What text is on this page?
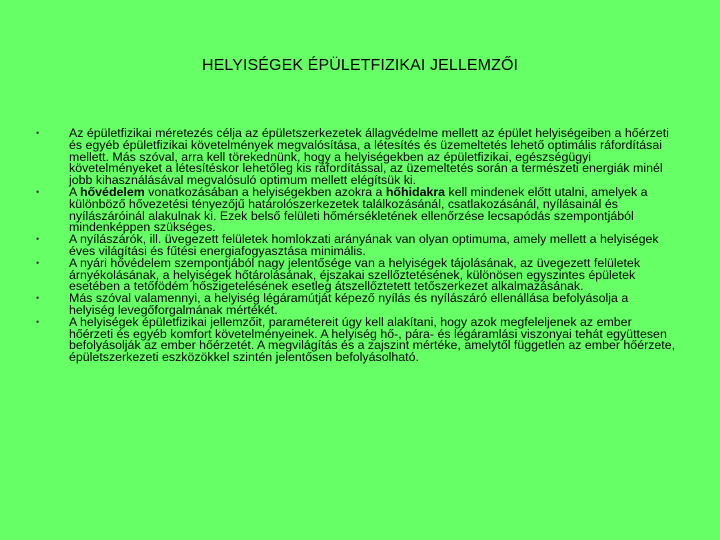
HELYISÉGEK ÉPÜLETFIZIKAI JELLEMZŐI
• Az épületfizikai méretezés célja az épületszerkezetek állagvédelme mellett az épület helyiségeiben a hőérzeti és egyéb épületfizikai követelmények megvalósítása, a létesítés és üzemeltetés lehető optimális ráfordításai mellett. Más szóval, arra kell törekednünk, hogy a helyiségekben az épületfizikai, egészségügyi követelményeket a létesítéskor lehetőleg kis ráfordítással, az üzemeltetés során a természeti energiák minél jobb kihasználásával megvalósuló optimum mellett elégítsük ki.
• A hővédelem vonatkozásában a helyiségekben azokra a hőhidakra kell mindenek előtt utalni, amelyek a különböző hővezetési tényezőjű határolószerkezetek találkozásánál, csatlakozásánál, nyílásainál és nyílászáróinál alakulnak ki. Ezek belső felületi hőmérsékletének ellenőrzése lecsapódás szempontjából mindenképpen szükséges.
• A nyílászárók, ill. üvegezett felületek homlokzati arányának van olyan optimuma, amely mellett a helyiségek éves világítási és fűtési energiafogyasztása minimális.
• A nyári hővédelem szempontjából nagy jelentősége van a helyiségek tájolásának, az üvegezett felületek árnyékolásának, a helyiségek hőtárolásának, éjszakai szellőztetésének, különösen egyszintes épületek esetében a tetőfödém hőszigetelésének esetleg átszellőztetett tetőszerkezet alkalmazásának.
• Más szóval valamennyi, a helyiség légáramútját képező nyílás és nyílászáró ellenállása befolyásolja a helyiség levegőforgalmának mértékét.
• A helyiségek épületfizikai jellemzőit, paramétereit úgy kell alakítani, hogy azok megfeleljenek az ember hőérzeti és egyéb komfort követelményeinek. A helyiség hő-, pára- és légáramlási viszonyai tehát együttesen befolyásolják az ember hőérzetét. A megvilágítás és a zajszint mértéke, amelytől független az ember hőérzete, épületszerkezeti eszközökkel szintén jelentősen befolyásolható.
